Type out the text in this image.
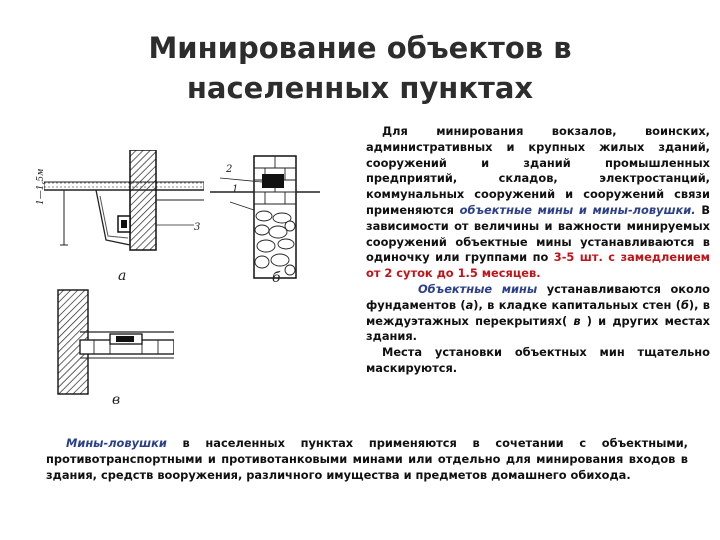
Минирование объектов в
населенных пунктах
1—1,5м
а
1
2
3
б
в
Для минирования вокзалов, воинских, административных и крупных жилых зданий, сооружений и зданий промышленных предприятий, складов, электростанций, коммунальных сооружений и сооружений связи применяются объектные мины и мины-ловушки. В зависимости от величины и важности минируемых сооружений объектные мины устанавливаются в одиночку или группами по 3-5 шт. с замедлением от 2 суток до 1.5 месяцев.
Объектные мины устанавливаются около фундаментов (а), в кладке капитальных стен (б), в междуэтажных перекрытиях( в ) и других местах здания.
Места установки объектных мин тщательно маскируются.
Мины-ловушки в населенных пунктах применяются в сочетании с объектными, противотранспортными и противотанковыми минами или отдельно для минирования входов в здания, средств вооружения, различного имущества и предметов домашнего обихода.
